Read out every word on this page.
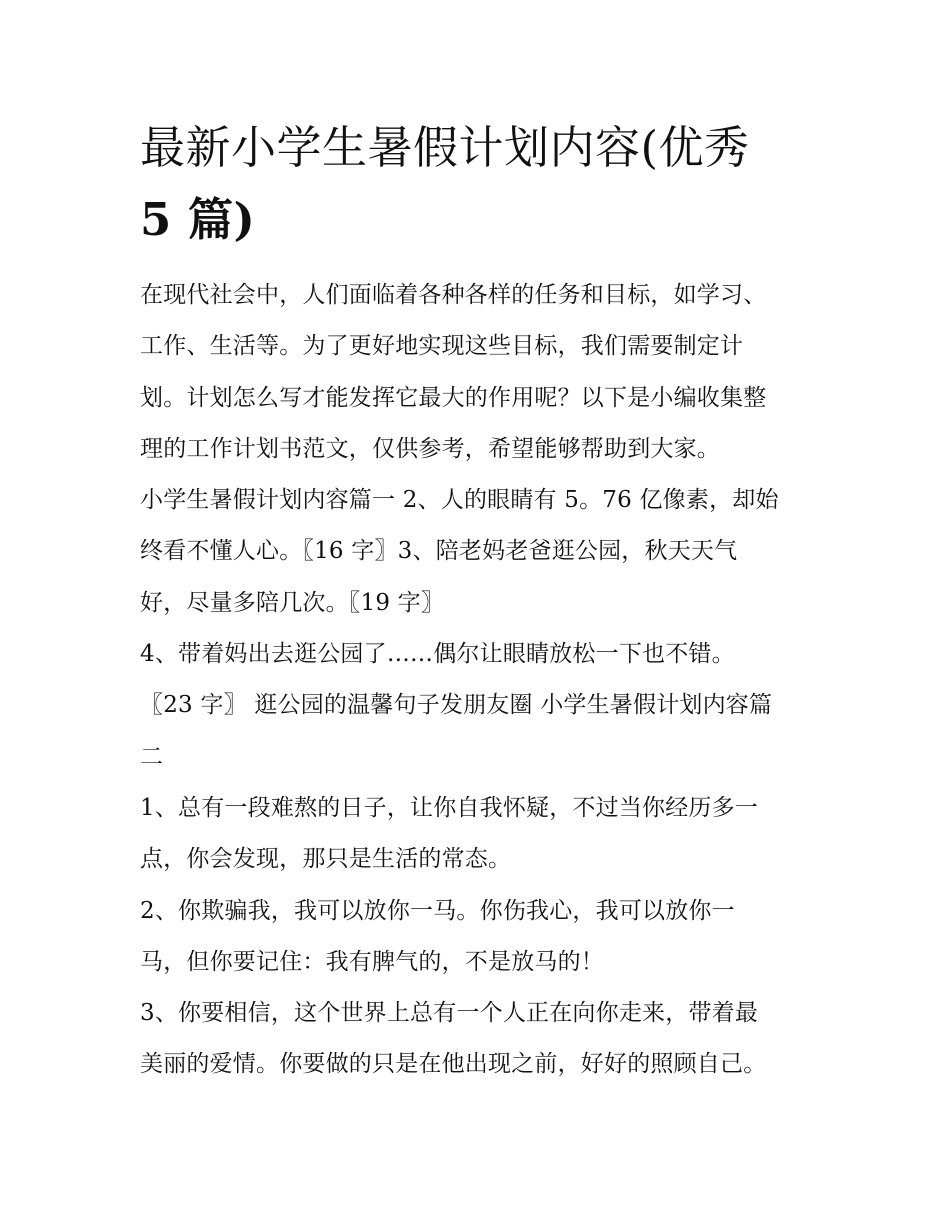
最新小学生暑假计划内容(优秀
5 篇)

在现代社会中，人们面临着各种各样的任务和目标，如学习、
工作、生活等。为了更好地实现这些目标，我们需要制定计
划。计划怎么写才能发挥它最大的作用呢？以下是小编收集整
理的工作计划书范文，仅供参考，希望能够帮助到大家。

小学生暑假计划内容篇一 2、人的眼睛有 5。76 亿像素，却始
终看不懂人心。〖16 字〗3、陪老妈老爸逛公园，秋天天气
好，尽量多陪几次。〖19 字〗

4、带着妈出去逛公园了……偶尔让眼睛放松一下也不错。
〖23 字〗 逛公园的温馨句子发朋友圈 小学生暑假计划内容篇
二

1、总有一段难熬的日子，让你自我怀疑，不过当你经历多一
点，你会发现，那只是生活的常态。

2、你欺骗我，我可以放你一马。你伤我心，我可以放你一
马，但你要记住：我有脾气的，不是放马的！

3、你要相信，这个世界上总有一个人正在向你走来，带着最
美丽的爱情。你要做的只是在他出现之前，好好的照顾自己。
